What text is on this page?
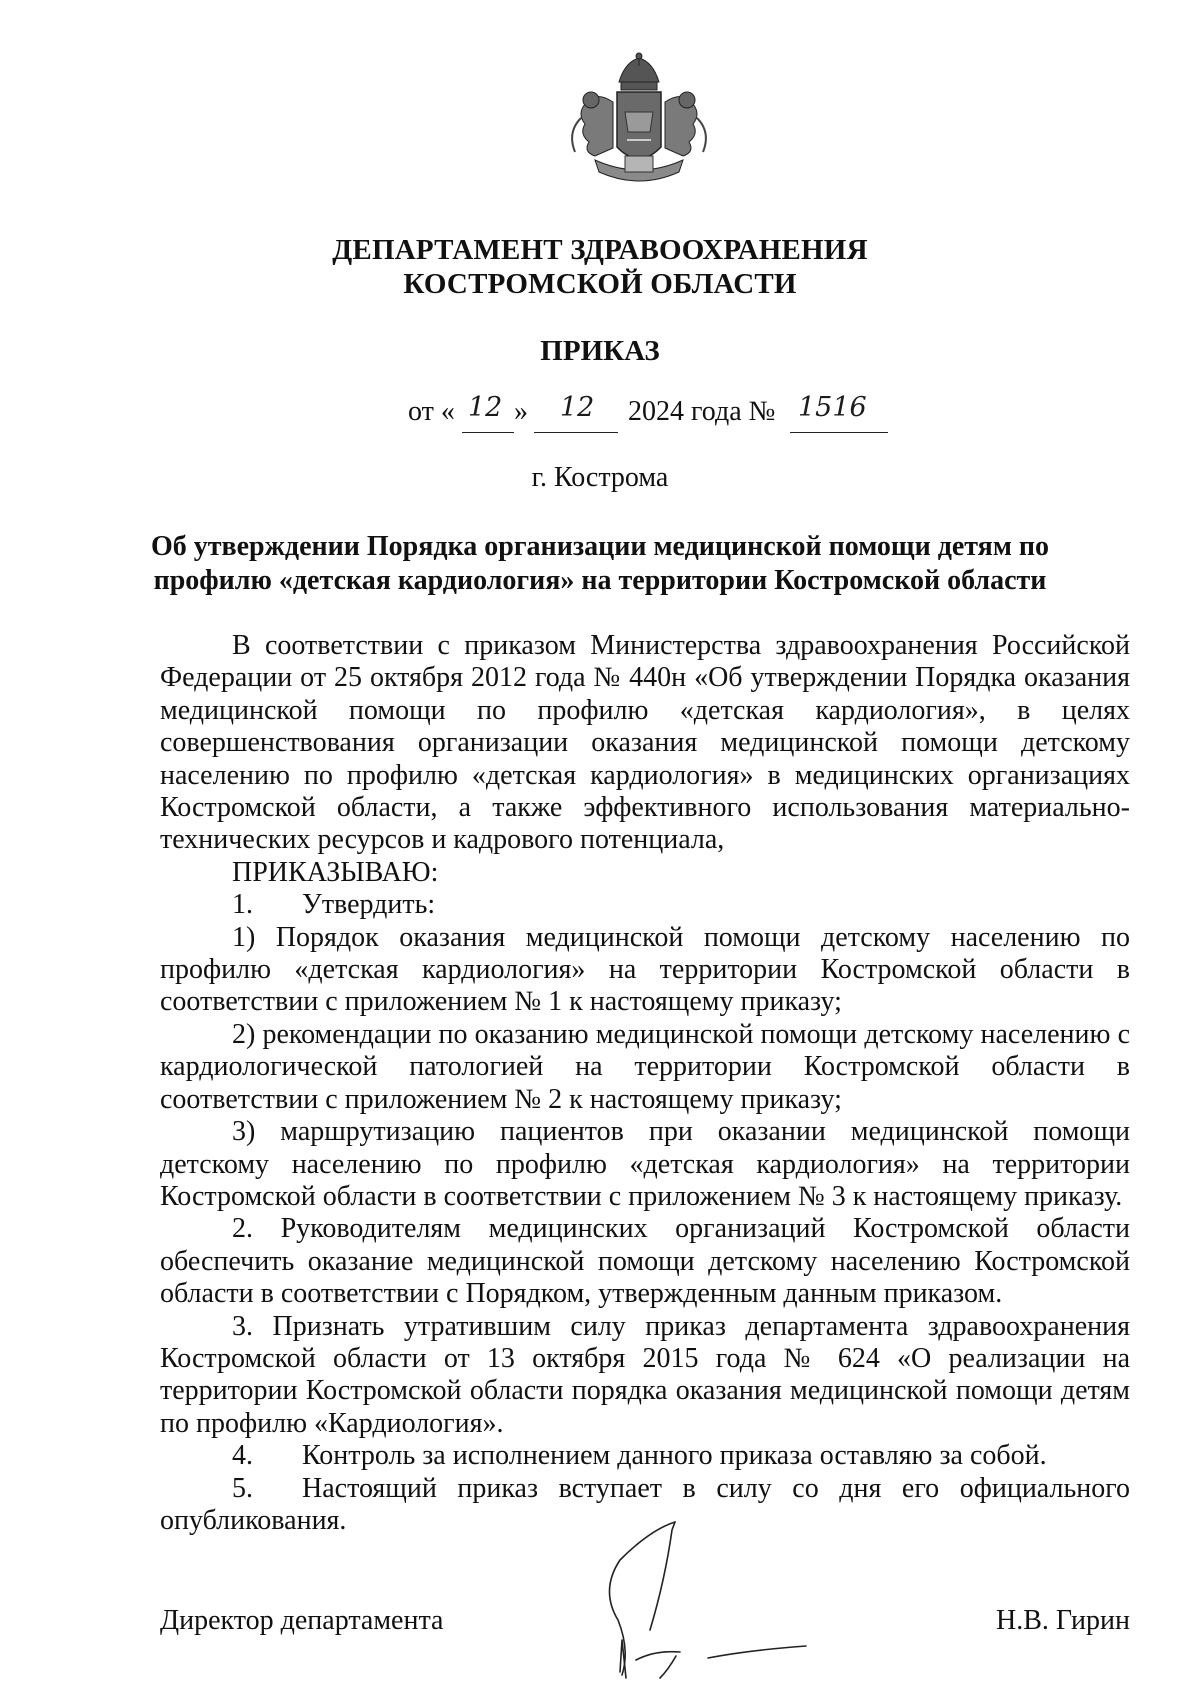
ДЕПАРТАМЕНТ ЗДРАВООХРАНЕНИЯ
КОСТРОМСКОЙ ОБЛАСТИ
ПРИКАЗ
от « 12 » 12 2024 года № 1516
г. Кострома
Об утверждении Порядка организации медицинской помощи детям по профилю «детская кардиология» на территории Костромской области

В соответствии с приказом Министерства здравоохранения Российской Федерации от 25 октября 2012 года № 440н «Об утверждении Порядка оказания медицинской помощи по профилю «детская кардиология», в целях совершенствования организации оказания медицинской помощи детскому населению по профилю «детская кардиология» в медицинских организациях Костромской области, а также эффективного использования материально-технических ресурсов и кадрового потенциала,

ПРИКАЗЫВАЮ:

1. Утвердить:

1) Порядок оказания медицинской помощи детскому населению по профилю «детская кардиология» на территории Костромской области в соответствии с приложением № 1 к настоящему приказу;

2) рекомендации по оказанию медицинской помощи детскому населению с кардиологической патологией на территории Костромской области в соответствии с приложением № 2 к настоящему приказу;

3) маршрутизацию пациентов при оказании медицинской помощи детскому населению по профилю «детская кардиология» на территории Костромской области в соответствии с приложением № 3 к настоящему приказу.

2. Руководителям медицинских организаций Костромской области обеспечить оказание медицинской помощи детскому населению Костромской области в соответствии с Порядком, утвержденным данным приказом.

3. Признать утратившим силу приказ департамента здравоохранения Костромской области от 13 октября 2015 года № 624 «О реализации на территории Костромской области порядка оказания медицинской помощи детям по профилю «Кардиология».

4. Контроль за исполнением данного приказа оставляю за собой.

5. Настоящий приказ вступает в силу со дня его официального опубликования.

Директор департамента	Н.В. Гирин
